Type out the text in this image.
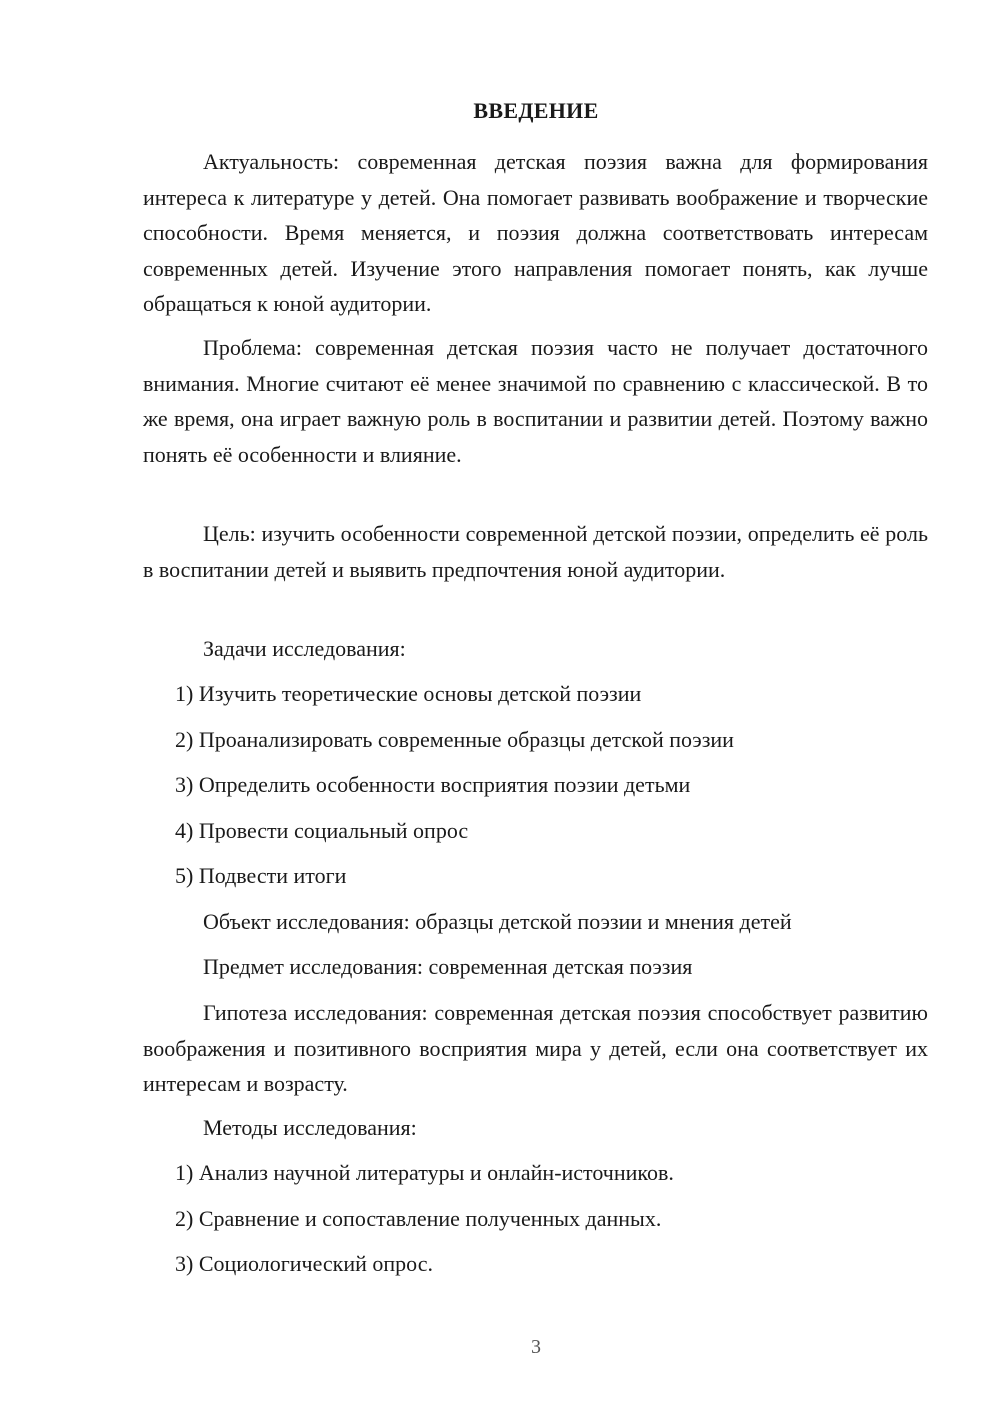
ВВЕДЕНИЕ

Актуальность: современная детская поэзия важна для формирования интереса к литературе у детей. Она помогает развивать воображение и творческие способности. Время меняется, и поэзия должна соответствовать интересам современных детей. Изучение этого направления помогает понять, как лучше обращаться к юной аудитории.

Проблема: современная детская поэзия часто не получает достаточного внимания. Многие считают её менее значимой по сравнению с классической. В то же время, она играет важную роль в воспитании и развитии детей. Поэтому важно понять её особенности и влияние.

Цель: изучить особенности современной детской поэзии, определить её роль в воспитании детей и выявить предпочтения юной аудитории.

Задачи исследования:
1) Изучить теоретические основы детской поэзии
2) Проанализировать современные образцы детской поэзии
3) Определить особенности восприятия поэзии детьми
4) Провести социальный опрос
5) Подвести итоги
Объект исследования: образцы детской поэзии и мнения детей
Предмет исследования: современная детская поэзия

Гипотеза исследования: современная детская поэзия способствует развитию воображения и позитивного восприятия мира у детей, если она соответствует их интересам и возрасту.

Методы исследования:
1) Анализ научной литературы и онлайн-источников.
2) Сравнение и сопоставление полученных данных.
3) Социологический опрос.
3
